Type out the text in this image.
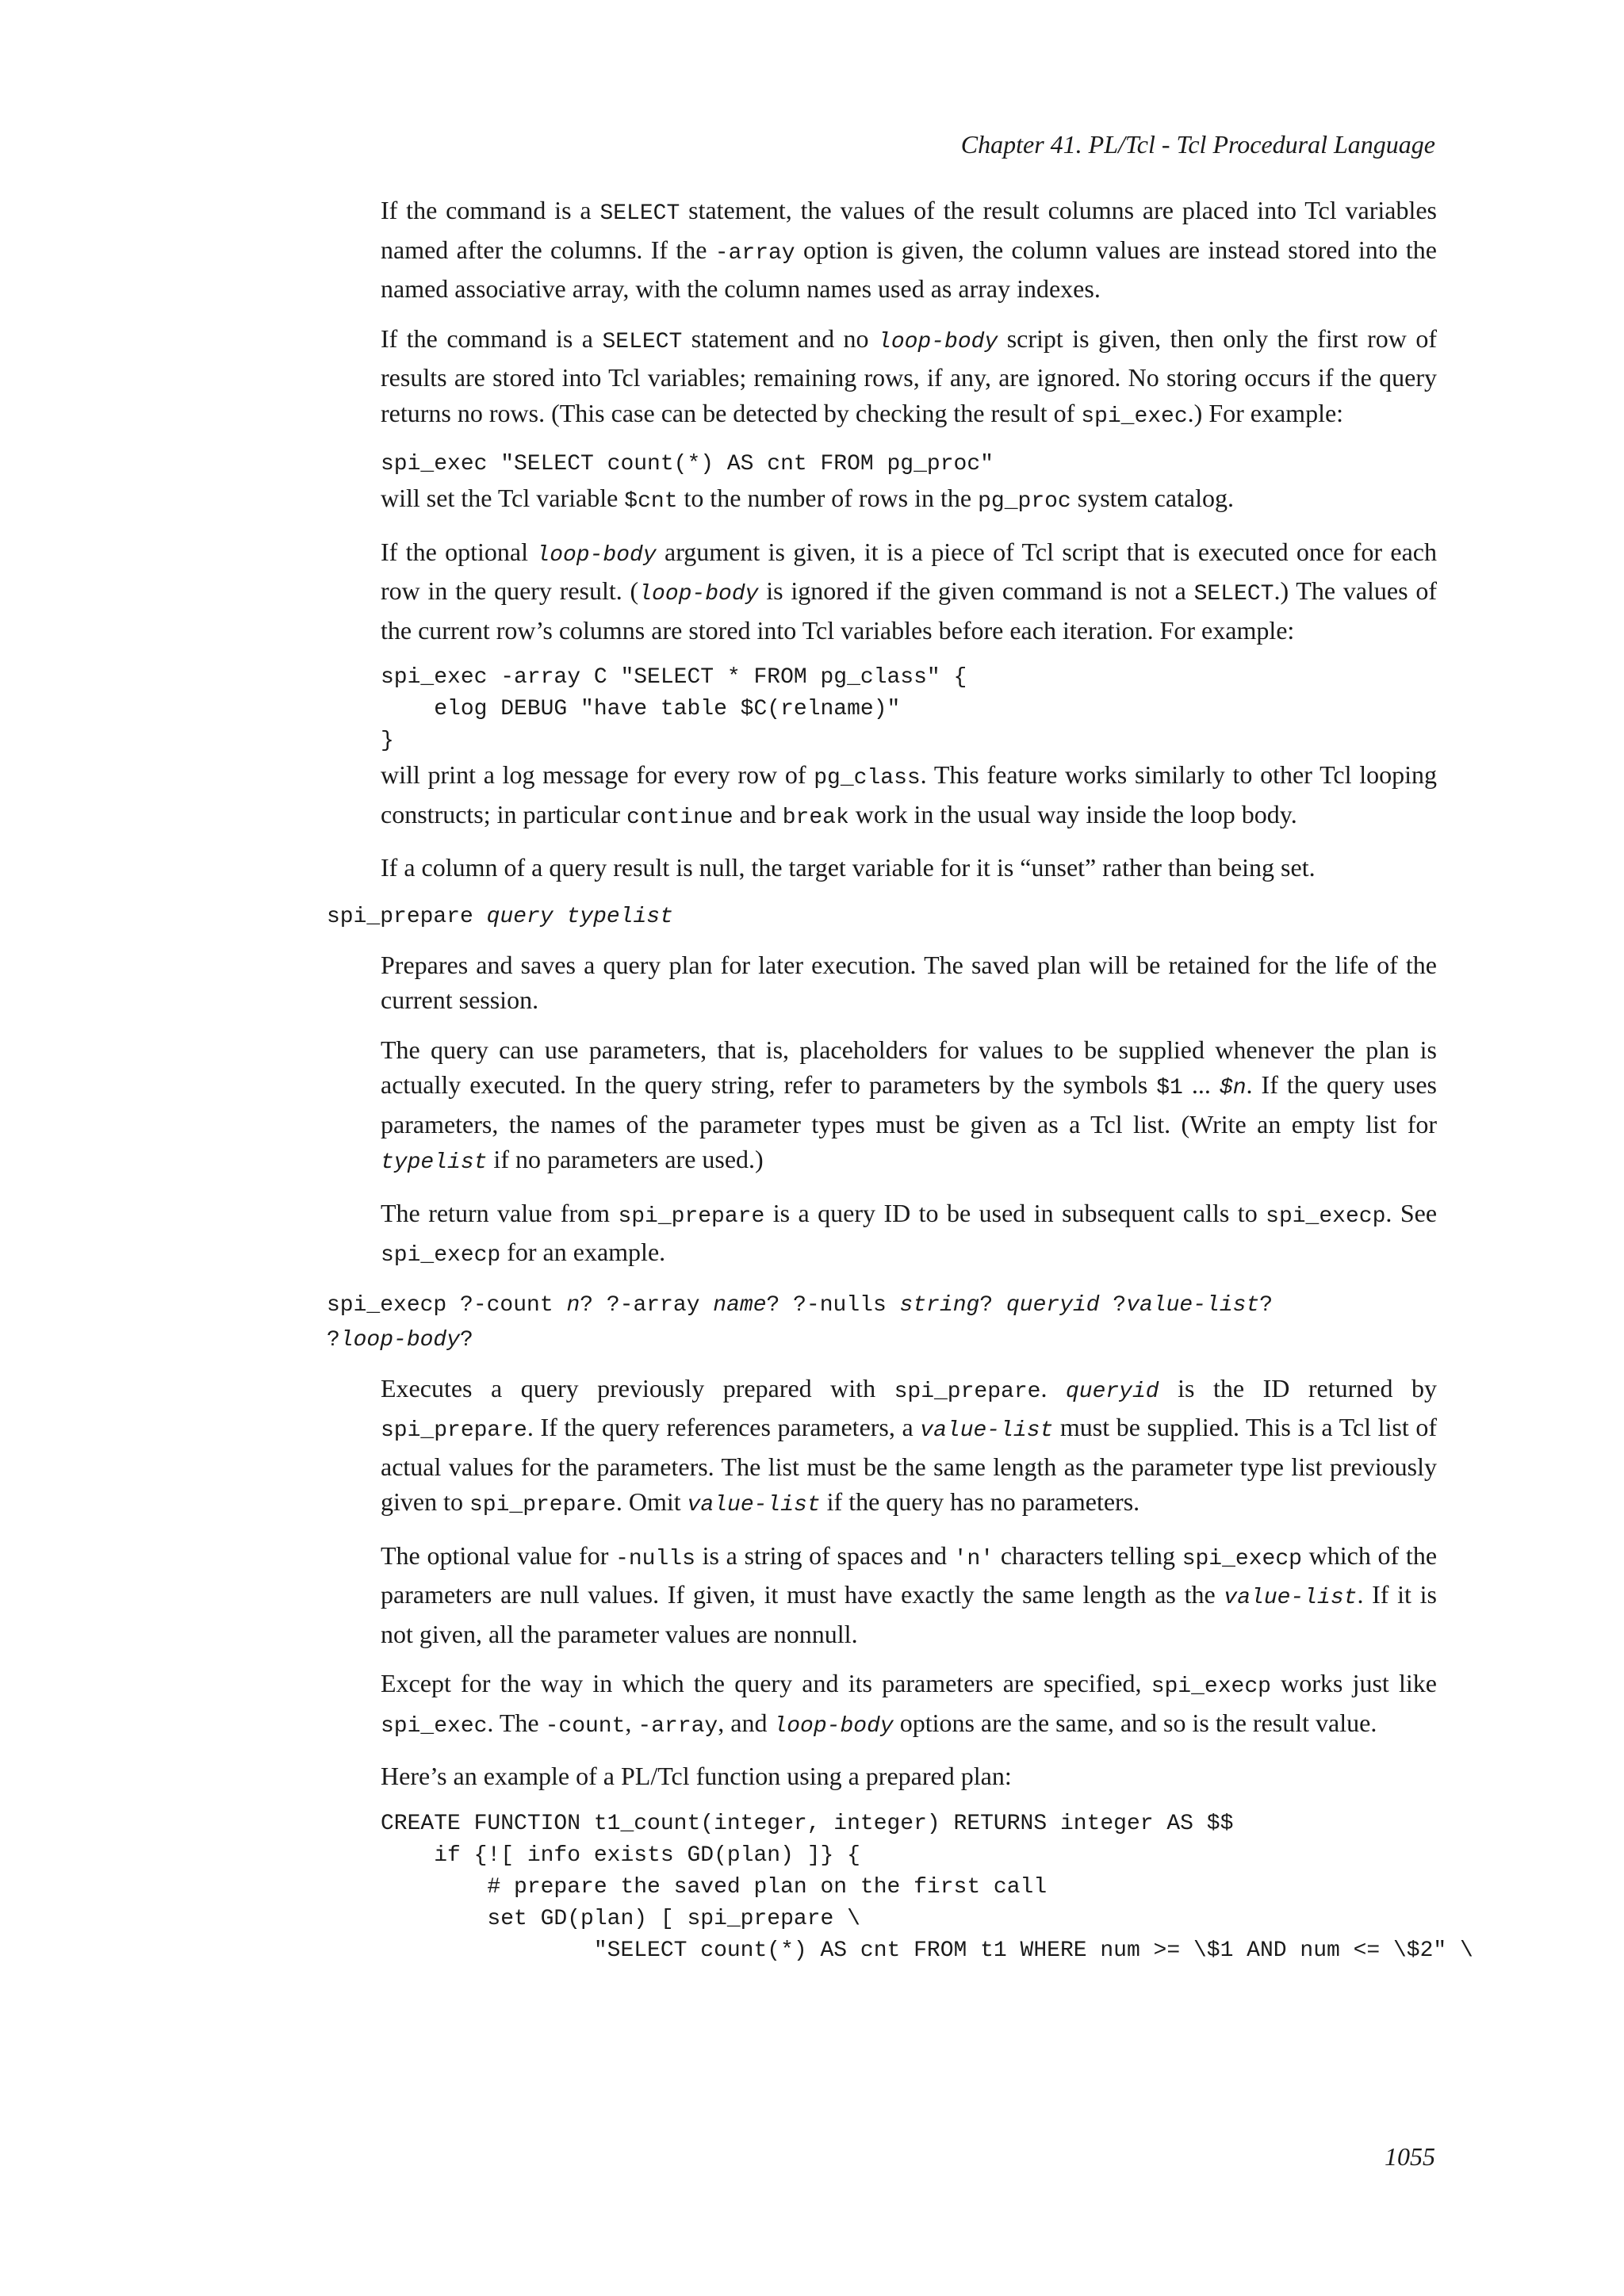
Chapter 41. PL/Tcl - Tcl Procedural Language

If the command is a SELECT statement, the values of the result columns are placed into Tcl variables named after the columns. If the -array option is given, the column values are instead stored into the named associative array, with the column names used as array indexes.

If the command is a SELECT statement and no loop-body script is given, then only the first row of results are stored into Tcl variables; remaining rows, if any, are ignored. No storing occurs if the query returns no rows. (This case can be detected by checking the result of spi_exec.) For example:

spi_exec "SELECT count(*) AS cnt FROM pg_proc"

will set the Tcl variable $cnt to the number of rows in the pg_proc system catalog.

If the optional loop-body argument is given, it is a piece of Tcl script that is executed once for each row in the query result. (loop-body is ignored if the given command is not a SELECT.) The values of the current row’s columns are stored into Tcl variables before each iteration. For example:

spi_exec -array C "SELECT * FROM pg_class" {
elog DEBUG "have table $C(relname)"
}

will print a log message for every row of pg_class. This feature works similarly to other Tcl looping constructs; in particular continue and break work in the usual way inside the loop body.

If a column of a query result is null, the target variable for it is “unset” rather than being set.

spi_prepare query typelist

Prepares and saves a query plan for later execution. The saved plan will be retained for the life of the current session.

The query can use parameters, that is, placeholders for values to be supplied whenever the plan is actually executed. In the query string, refer to parameters by the symbols $1 ... $n. If the query uses parameters, the names of the parameter types must be given as a Tcl list. (Write an empty list for typelist if no parameters are used.)

The return value from spi_prepare is a query ID to be used in subsequent calls to spi_execp. See spi_execp for an example.

spi_execp ?-count n? ?-array name? ?-nulls string? queryid ?value-list?
?loop-body?

Executes a query previously prepared with spi_prepare. queryid is the ID returned by spi_prepare. If the query references parameters, a value-list must be supplied. This is a Tcl list of actual values for the parameters. The list must be the same length as the parameter type list previously given to spi_prepare. Omit value-list if the query has no parameters.

The optional value for -nulls is a string of spaces and 'n' characters telling spi_execp which of the parameters are null values. If given, it must have exactly the same length as the value-list. If it is not given, all the parameter values are nonnull.

Except for the way in which the query and its parameters are specified, spi_execp works just like spi_exec. The -count, -array, and loop-body options are the same, and so is the result value.

Here’s an example of a PL/Tcl function using a prepared plan:

CREATE FUNCTION t1_count(integer, integer) RETURNS integer AS $$
if {![ info exists GD(plan) ]} {
# prepare the saved plan on the first call
set GD(plan) [ spi_prepare \
"SELECT count(*) AS cnt FROM t1 WHERE num >= \$1 AND num <= \$2" \
1055
